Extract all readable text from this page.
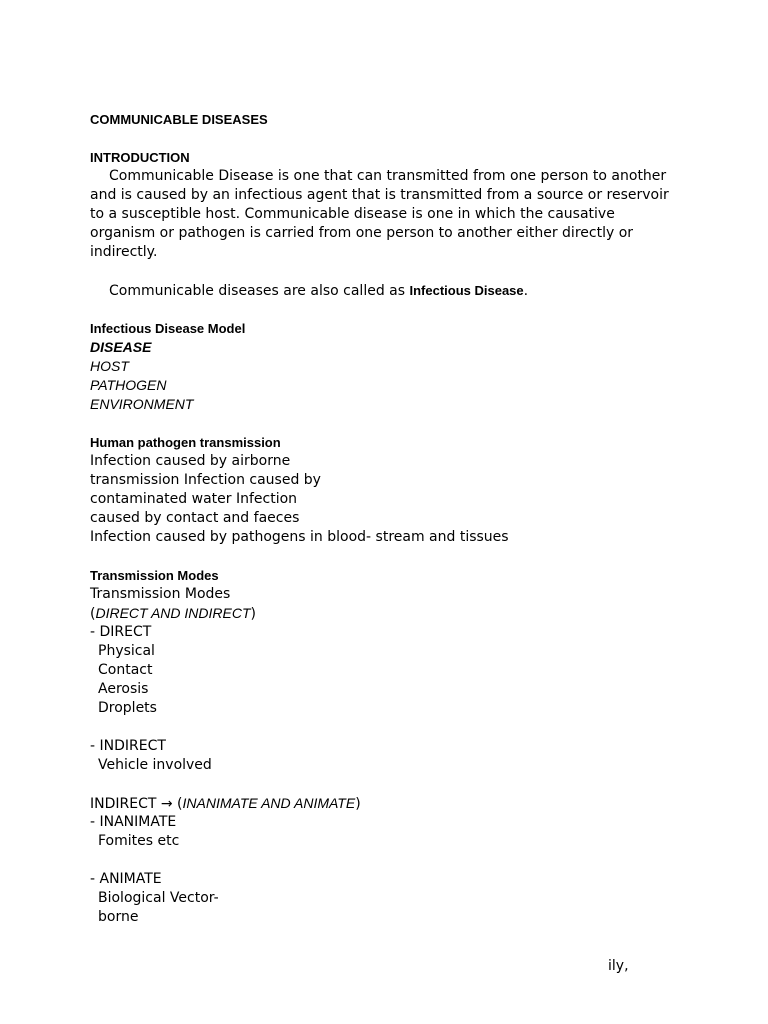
COMMUNICABLE DISEASES
INTRODUCTION
Communicable Disease is one that can transmitted from one person to another
and is caused by an infectious agent that is transmitted from a source or reservoir
to a susceptible host. Communicable disease is one in which the causative
organism or pathogen is carried from one person to another either directly or
indirectly.
Communicable diseases are also called as Infectious Disease.
Infectious Disease Model
DISEASE
HOST
PATHOGEN
ENVIRONMENT
Human pathogen transmission
Infection caused by airborne
transmission Infection caused by
contaminated water Infection
caused by contact and faeces
Infection caused by pathogens in blood- stream and tissues
Transmission Modes
Transmission Modes
(DIRECT AND INDIRECT)
- DIRECT
Physical
Contact
Aerosis
Droplets
- INDIRECT
Vehicle involved
INDIRECT → (INANIMATE AND ANIMATE)
- INANIMATE
Fomites etc
- ANIMATE
Biological Vector-
borne
ily,
